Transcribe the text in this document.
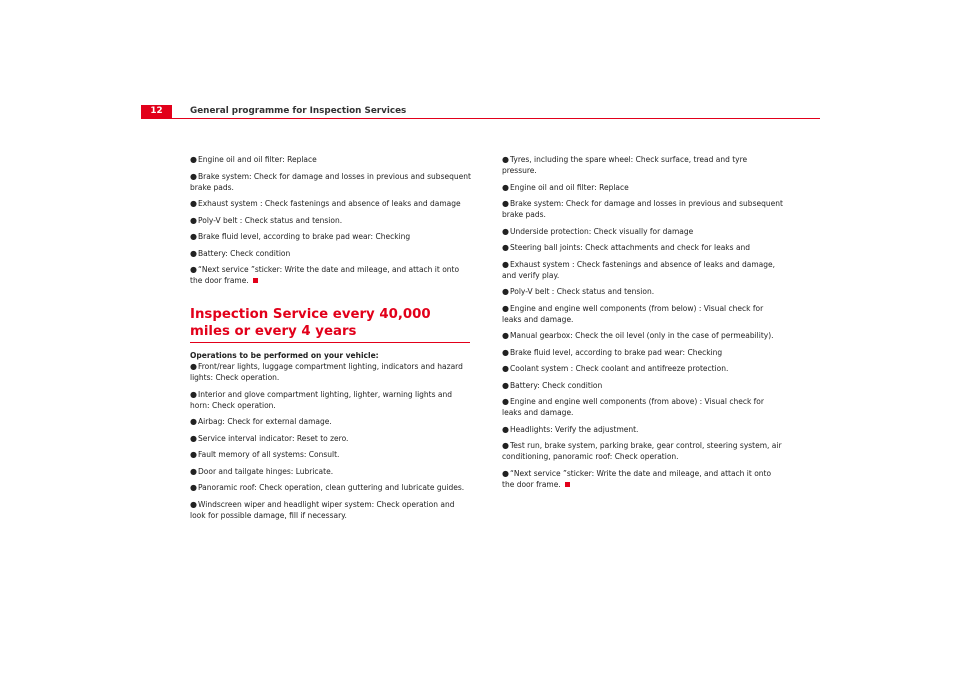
12	General programme for Inspection Services
●Engine oil and oil filter: Replace
●Brake system: Check for damage and losses in previous and subsequent brake pads.
●Exhaust system : Check fastenings and absence of leaks and damage
●Poly-V belt : Check status and tension.
●Brake fluid level, according to brake pad wear: Checking
●Battery: Check condition
●“Next service ”sticker: Write the date and mileage, and attach it onto the door frame.
Inspection Service every 40,000 miles or every 4 years
Operations to be performed on your vehicle:
●Front/rear lights, luggage compartment lighting, indicators and hazard lights: Check operation.
●Interior and glove compartment lighting, lighter, warning lights and horn: Check operation.
●Airbag: Check for external damage.
●Service interval indicator: Reset to zero.
●Fault memory of all systems: Consult.
●Door and tailgate hinges: Lubricate.
●Panoramic roof: Check operation, clean guttering and lubricate guides.
●Windscreen wiper and headlight wiper system: Check operation and look for possible damage, fill if necessary.
●Tyres, including the spare wheel: Check surface, tread and tyre pressure.
●Engine oil and oil filter: Replace
●Brake system: Check for damage and losses in previous and subsequent brake pads.
●Underside protection: Check visually for damage
●Steering ball joints: Check attachments and check for leaks and
●Exhaust system : Check fastenings and absence of leaks and damage, and verify play.
●Poly-V belt : Check status and tension.
●Engine and engine well components (from below) : Visual check for leaks and damage.
●Manual gearbox: Check the oil level (only in the case of permeability).
●Brake fluid level, according to brake pad wear: Checking
●Coolant system : Check coolant and antifreeze protection.
●Battery: Check condition
●Engine and engine well components (from above) : Visual check for leaks and damage.
●Headlights: Verify the adjustment.
●Test run, brake system, parking brake, gear control, steering system, air conditioning, panoramic roof: Check operation.
●“Next service ”sticker: Write the date and mileage, and attach it onto the door frame.
